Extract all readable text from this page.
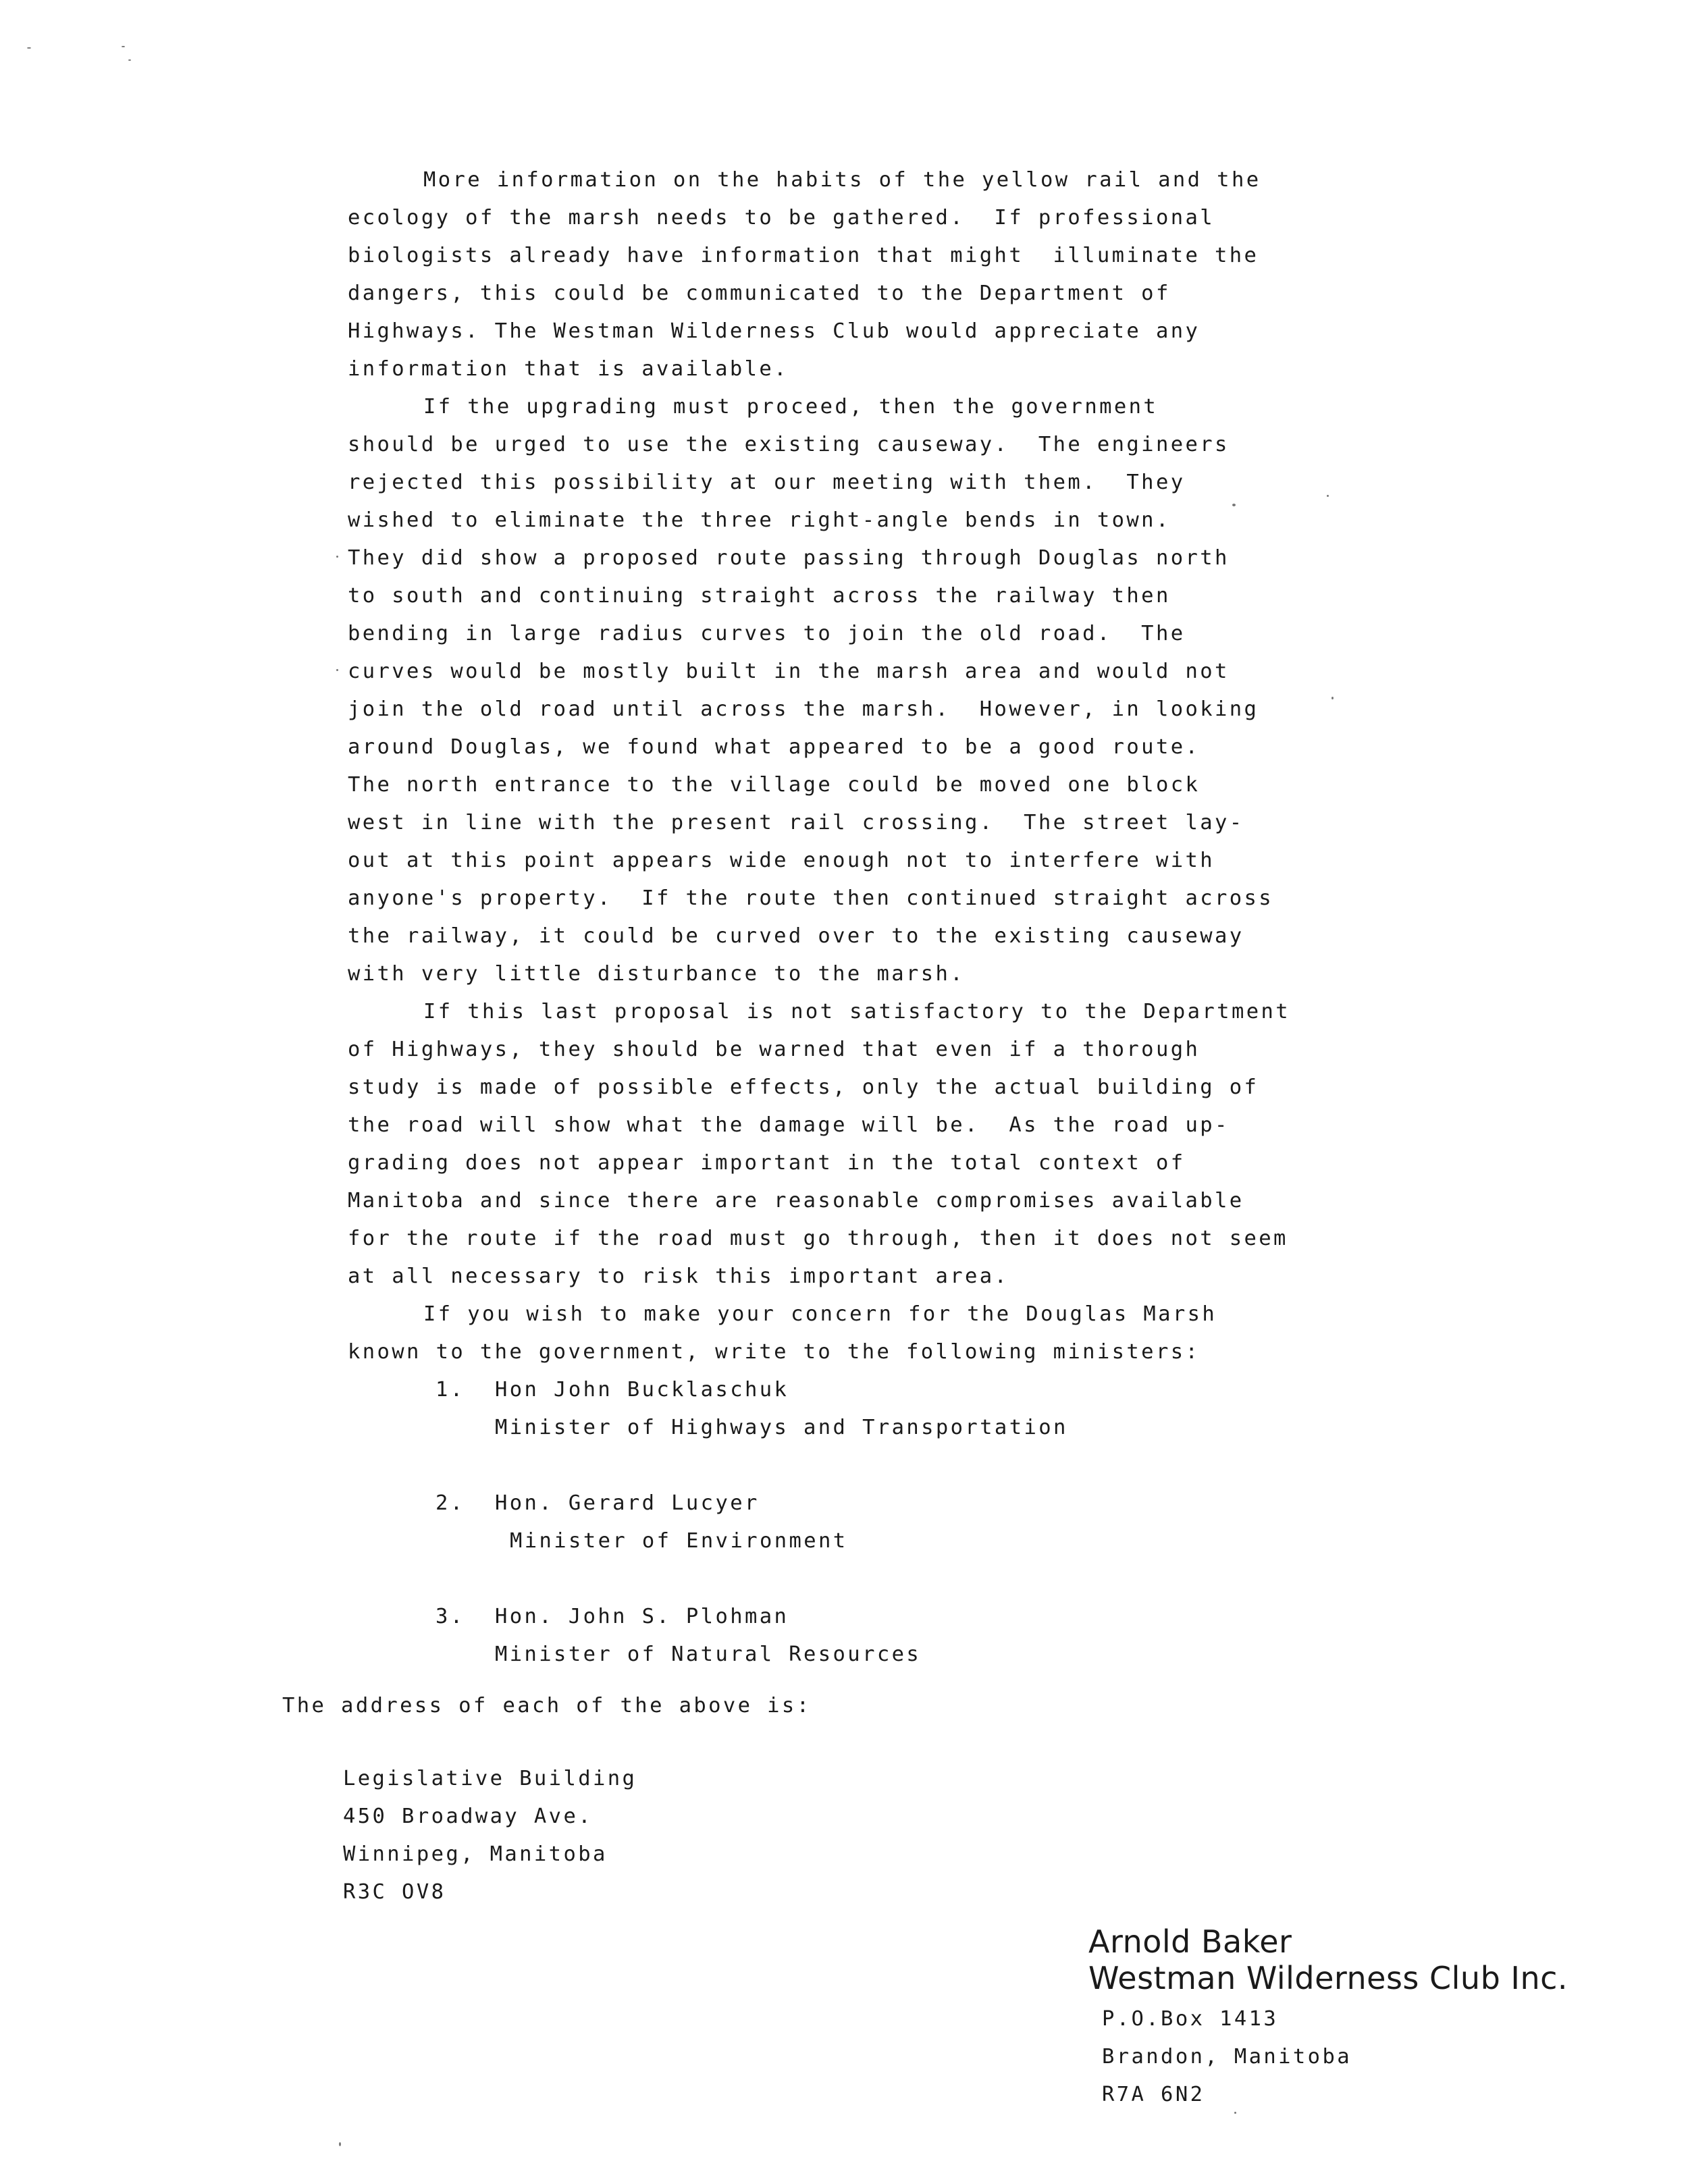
More information on the habits of the yellow rail and the
ecology of the marsh needs to be gathered.  If professional
biologists already have information that might  illuminate the
dangers, this could be communicated to the Department of
Highways. The Westman Wilderness Club would appreciate any
information that is available.
If the upgrading must proceed, then the government
should be urged to use the existing causeway.  The engineers
rejected this possibility at our meeting with them.  They
wished to eliminate the three right-angle bends in town.
They did show a proposed route passing through Douglas north
to south and continuing straight across the railway then
bending in large radius curves to join the old road.  The
curves would be mostly built in the marsh area and would not
join the old road until across the marsh.  However, in looking
around Douglas, we found what appeared to be a good route.
The north entrance to the village could be moved one block
west in line with the present rail crossing.  The street lay-
out at this point appears wide enough not to interfere with
anyone's property.  If the route then continued straight across
the railway, it could be curved over to the existing causeway
with very little disturbance to the marsh.
If this last proposal is not satisfactory to the Department
of Highways, they should be warned that even if a thorough
study is made of possible effects, only the actual building of
the road will show what the damage will be.  As the road up-
grading does not appear important in the total context of
Manitoba and since there are reasonable compromises available
for the route if the road must go through, then it does not seem
at all necessary to risk this important area.
If you wish to make your concern for the Douglas Marsh
known to the government, write to the following ministers:
1. Hon John Bucklaschuk
Minister of Highways and Transportation
2. Hon. Gerard Lucyer
Minister of Environment
3. Hon. John S. Plohman
Minister of Natural Resources
The address of each of the above is:
Legislative Building
450 Broadway Ave.
Winnipeg, Manitoba
R3C OV8
Arnold Baker
Westman Wilderness Club Inc.
P.O.Box 1413
Brandon, Manitoba
R7A 6N2
